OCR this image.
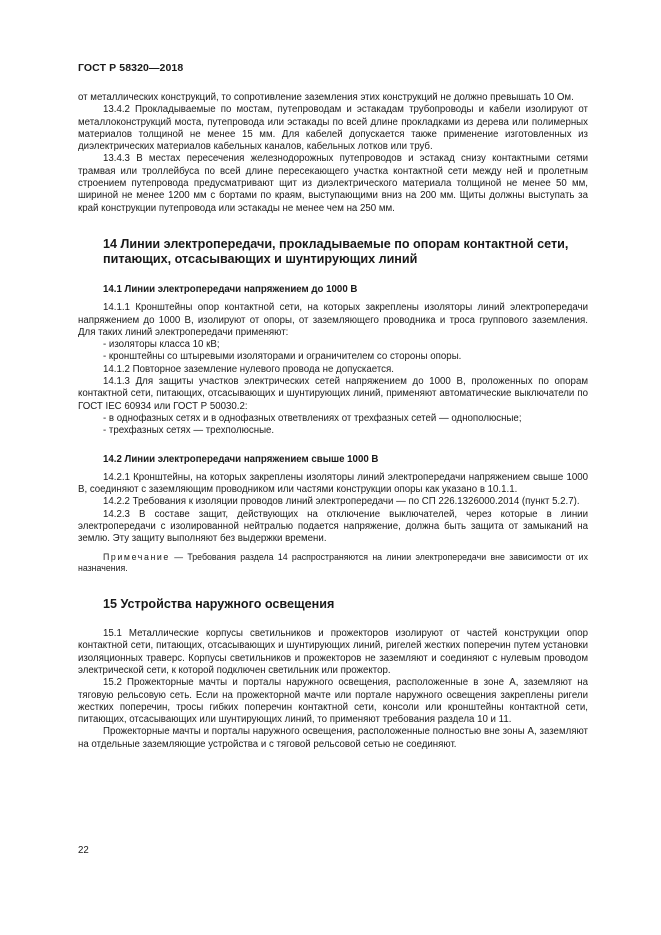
ГОСТ Р 58320—2018

от металлических конструкций, то сопротивление заземления этих конструкций не должно превышать 10 Ом.

13.4.2 Прокладываемые по мостам, путепроводам и эстакадам трубопроводы и кабели изолируют от металлоконструкций моста, путепровода или эстакады по всей длине прокладками из дерева или полимерных материалов толщиной не менее 15 мм. Для кабелей допускается также применение изготовленных из диэлектрических материалов кабельных каналов, кабельных лотков или труб.

13.4.3 В местах пересечения железнодорожных путепроводов и эстакад снизу контактными сетями трамвая или троллейбуса по всей длине пересекающего участка контактной сети между ней и пролетным строением путепровода предусматривают щит из диэлектрического материала толщиной не менее 50 мм, шириной не менее 1200 мм с бортами по краям, выступающими вниз на 200 мм. Щиты должны выступать за край конструкции путепровода или эстакады не менее чем на 250 мм.

14 Линии электропередачи, прокладываемые по опорам контактной сети, питающих, отсасывающих и шунтирующих линий
14.1 Линии электропередачи напряжением до 1000 В

14.1.1 Кронштейны опор контактной сети, на которых закреплены изоляторы линий электропередачи напряжением до 1000 В, изолируют от опоры, от заземляющего проводника и троса группового заземления. Для таких линий электропередачи применяют:

- изоляторы класса 10 кВ;

- кронштейны со штыревыми изоляторами и ограничителем со стороны опоры.

14.1.2 Повторное заземление нулевого провода не допускается.

14.1.3 Для защиты участков электрических сетей напряжением до 1000 В, проложенных по опорам контактной сети, питающих, отсасывающих и шунтирующих линий, применяют автоматические выключатели по ГОСТ IEC 60934 или ГОСТ Р 50030.2:

- в однофазных сетях и в однофазных ответвлениях от трехфазных сетей — однополюсные;

- трехфазных сетях — трехполюсные.

14.2 Линии электропередачи напряжением свыше 1000 В

14.2.1 Кронштейны, на которых закреплены изоляторы линий электропередачи напряжением свыше 1000 В, соединяют с заземляющим проводником или частями конструкции опоры как указано в 10.1.1.

14.2.2 Требования к изоляции проводов линий электропередачи — по СП 226.1326000.2014 (пункт 5.2.7).

14.2.3 В составе защит, действующих на отключение выключателей, через которые в линии электропередачи с изолированной нейтралью подается напряжение, должна быть защита от замыканий на землю. Эту защиту выполняют без выдержки времени.

Примечание — Требования раздела 14 распространяются на линии электропередачи вне зависимости от их назначения.

15 Устройства наружного освещения

15.1 Металлические корпусы светильников и прожекторов изолируют от частей конструкции опор контактной сети, питающих, отсасывающих и шунтирующих линий, ригелей жестких поперечин путем установки изоляционных траверс. Корпусы светильников и прожекторов не заземляют и соединяют с нулевым проводом электрической сети, к которой подключен светильник или прожектор.

15.2 Прожекторные мачты и порталы наружного освещения, расположенные в зоне А, заземляют на тяговую рельсовую сеть. Если на прожекторной мачте или портале наружного освещения закреплены ригели жестких поперечин, тросы гибких поперечин контактной сети, консоли или кронштейны контактной сети, питающих, отсасывающих или шунтирующих линий, то применяют требования раздела 10 и 11.

Прожекторные мачты и порталы наружного освещения, расположенные полностью вне зоны А, заземляют на отдельные заземляющие устройства и с тяговой рельсовой сетью не соединяют.

22
